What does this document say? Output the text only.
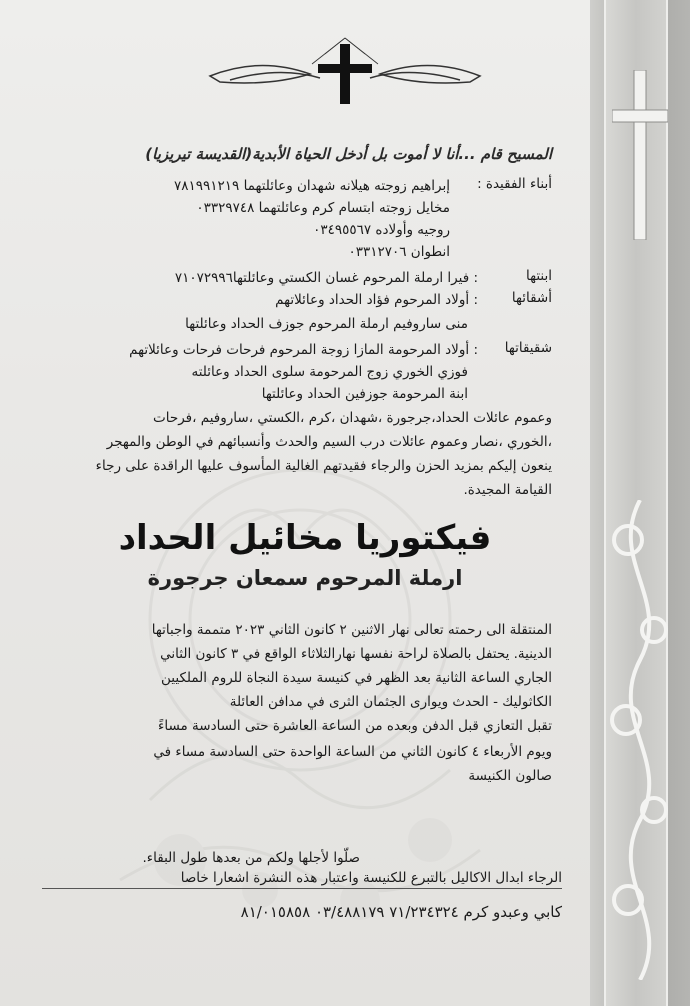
المسيح قام ...أنا لا أموت بل أدخل الحياة الأبدية(القديسة تيريزيا)
أبناء الفقيدة :
إبراهيم زوجته هيلانه شهدان وعائلتهما ٧٨١٩٩١٢١٩
مخايل زوجته ابتسام كرم وعائلتهما ٠٣٣٢٩٧٤٨
روجيه وأولاده ٠٣٤٩٥٥٦٧
انطوان ٠٣٣١٢٧٠٦
ابنتها
: فيرا ارملة المرحوم غسان الكستي وعائلتها٧١٠٧٢٩٩٦
أشقائها
: أولاد المرحوم فؤاد الحداد وعائلاتهم
منى ساروفيم ارملة المرحوم جوزف الحداد وعائلتها
شقيقاتها
: أولاد المرحومة المازا زوجة المرحوم فرحات فرحات وعائلاتهم
فوزي الخوري زوج المرحومة سلوى الحداد وعائلته
ابنة المرحومة جوزفين الحداد وعائلتها
وعموم عائلات الحداد،جرجورة ،شهدان ،كرم ،الكستي ،ساروفيم ،فرحات
،الخوري ،نصار وعموم عائلات درب السيم والحدث وأنسبائهم في الوطن والمهجر
ينعون إليكم بمزيد الحزن والرجاء فقيدتهم الغالية المأسوف عليها الراقدة على رجاء
القيامة المجيدة.
فيكتوريا مخائيل الحداد
ارملة المرحوم سمعان جرجورة
المنتقلة الى رحمته تعالى نهار الاثنين ٢ كانون الثاني ٢٠٢٣ متممة واجباتها
الدينية. يحتفل بالصلاة لراحة نفسها نهارالثلاثاء الواقع في ٣ كانون الثاني
الجاري الساعة الثانية بعد الظهر في كنيسة سيدة النجاة للروم الملكيين
الكاثوليك - الحدث ويوارى الجثمان الثرى في مدافن العائلة
تقبل التعازي قبل الدفن وبعده من الساعة العاشرة حتى السادسة مساءً
ويوم الأربعاء ٤ كانون الثاني من الساعة الواحدة حتى السادسة مساء في
صالون الكنيسة
صلّوا لأجلها ولكم من بعدها طول البقاء.
الرجاء ابدال الاكاليل بالتبرع للكنيسة واعتبار هذه النشرة اشعارا خاصا
كابي وعبدو كرم ٧١/٢٣٤٣٢٤ ٠٣/٤٨٨١٧٩ ٨١/٠١٥٨٥٨
